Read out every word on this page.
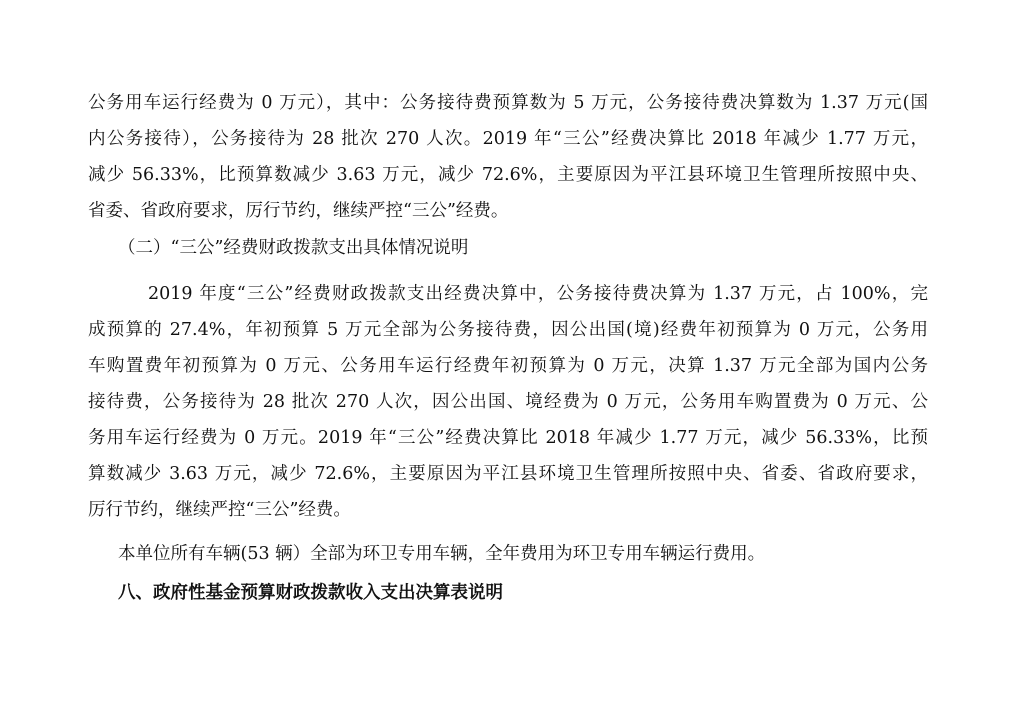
公务用车运行经费为 0 万元），其中：公务接待费预算数为 5 万元，公务接待费决算数为 1.37 万元(国
内公务接待），公务接待为 28 批次 270 人次。2019 年“三公”经费决算比 2018 年减少 1.77 万元，
减少 56.33%，比预算数减少 3.63 万元，减少 72.6%，主要原因为平江县环境卫生管理所按照中央、
省委、省政府要求，厉行节约，继续严控“三公”经费。
（二）“三公”经费财政拨款支出具体情况说明
2019 年度“三公”经费财政拨款支出经费决算中，公务接待费决算为 1.37 万元，占 100%，完
成预算的 27.4%，年初预算 5 万元全部为公务接待费，因公出国(境)经费年初预算为 0 万元，公务用
车购置费年初预算为 0 万元、公务用车运行经费年初预算为 0 万元，决算 1.37 万元全部为国内公务
接待费，公务接待为 28 批次 270 人次，因公出国、境经费为 0 万元，公务用车购置费为 0 万元、公
务用车运行经费为 0 万元。2019 年“三公”经费决算比 2018 年减少 1.77 万元，减少 56.33%，比预
算数减少 3.63 万元，减少 72.6%，主要原因为平江县环境卫生管理所按照中央、省委、省政府要求，
厉行节约，继续严控“三公”经费。
本单位所有车辆(53 辆）全部为环卫专用车辆，全年费用为环卫专用车辆运行费用。
八、政府性基金预算财政拨款收入支出决算表说明
